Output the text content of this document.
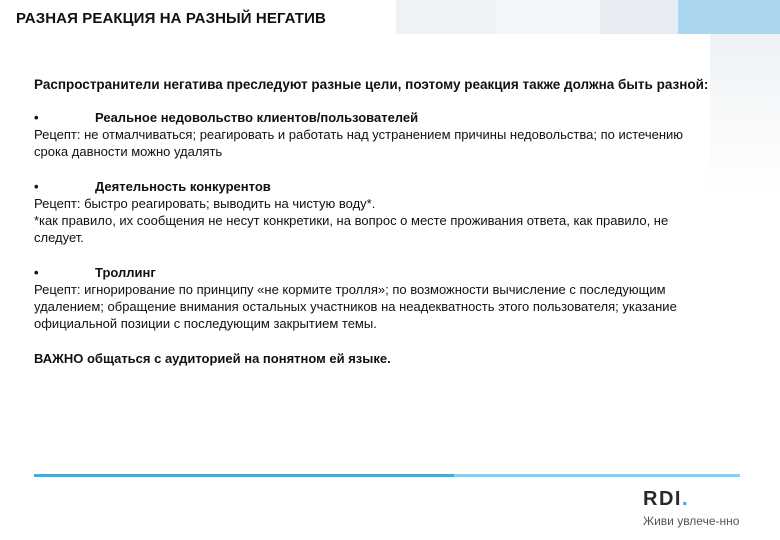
РАЗНАЯ РЕАКЦИЯ НА РАЗНЫЙ НЕГАТИВ

Распространители негатива преследуют разные цели, поэтому реакция также должна быть разной:

•	Реальное недовольство клиентов/пользователей
Рецепт: не отмалчиваться; реагировать и работать над устранением причины недовольства; по истечению срока давности можно удалять
•	Деятельность конкурентов
Рецепт: быстро реагировать; выводить на чистую воду*.
*как правило, их сообщения не несут конкретики, на вопрос о месте проживания ответа, как правило, не следует.
•	Троллинг
Рецепт: игнорирование по принципу «не кормите тролля»; по возможности вычисление с последующим удалением; обращение внимания остальных участников на неадекватность этого пользователя; указание официальной позиции с последующим закрытием темы.
ВАЖНО общаться с аудиторией на понятном ей языке.
RDI.
Живи увлече-нно
